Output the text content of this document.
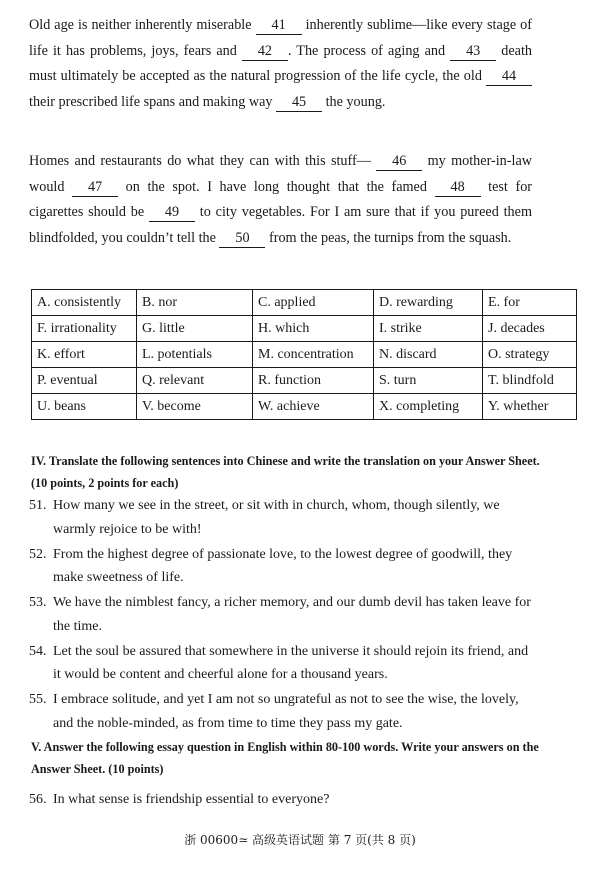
Old age is neither inherently miserable 41 inherently sublime—like every stage of life it has problems, joys, fears and 42 . The process of aging and 43 death must ultimately be accepted as the natural progression of the life cycle, the old 44 their prescribed life spans and making way 45 the young.
Homes and restaurants do what they can with this stuff— 46 my mother-in-law would 47 on the spot. I have long thought that the famed 48 test for cigarettes should be 49 to city vegetables. For I am sure that if you pureed them blindfolded, you couldn’t tell the 50 from the peas, the turnips from the squash.
A. consistently	B. nor	C. applied	D. rewarding	E. for
F. irrationality	G. little	H. which	I. strike	J. decades
K. effort	L. potentials	M. concentration	N. discard	O. strategy
P. eventual	Q. relevant	R. function	S. turn	T. blindfold
U. beans	V. become	W. achieve	X. completing	Y. whether
IV. Translate the following sentences into Chinese and write the translation on your Answer Sheet. (10 points, 2 points for each)
51. How many we see in the street, or sit with in church, whom, though silently, we warmly rejoice to be with!
52. From the highest degree of passionate love, to the lowest degree of goodwill, they make sweetness of life.
53. We have the nimblest fancy, a richer memory, and our dumb devil has taken leave for the time.
54. Let the soul be assured that somewhere in the universe it should rejoin its friend, and it would be content and cheerful alone for a thousand years.
55. I embrace solitude, and yet I am not so ungrateful as not to see the wise, the lovely, and the noble-minded, as from time to time they pass my gate.
V. Answer the following essay question in English within 80-100 words. Write your answers on the Answer Sheet. (10 points)
56. In what sense is friendship essential to everyone?
浙 00600≃ 高级英语试题 第 7 页(共 8 页)
